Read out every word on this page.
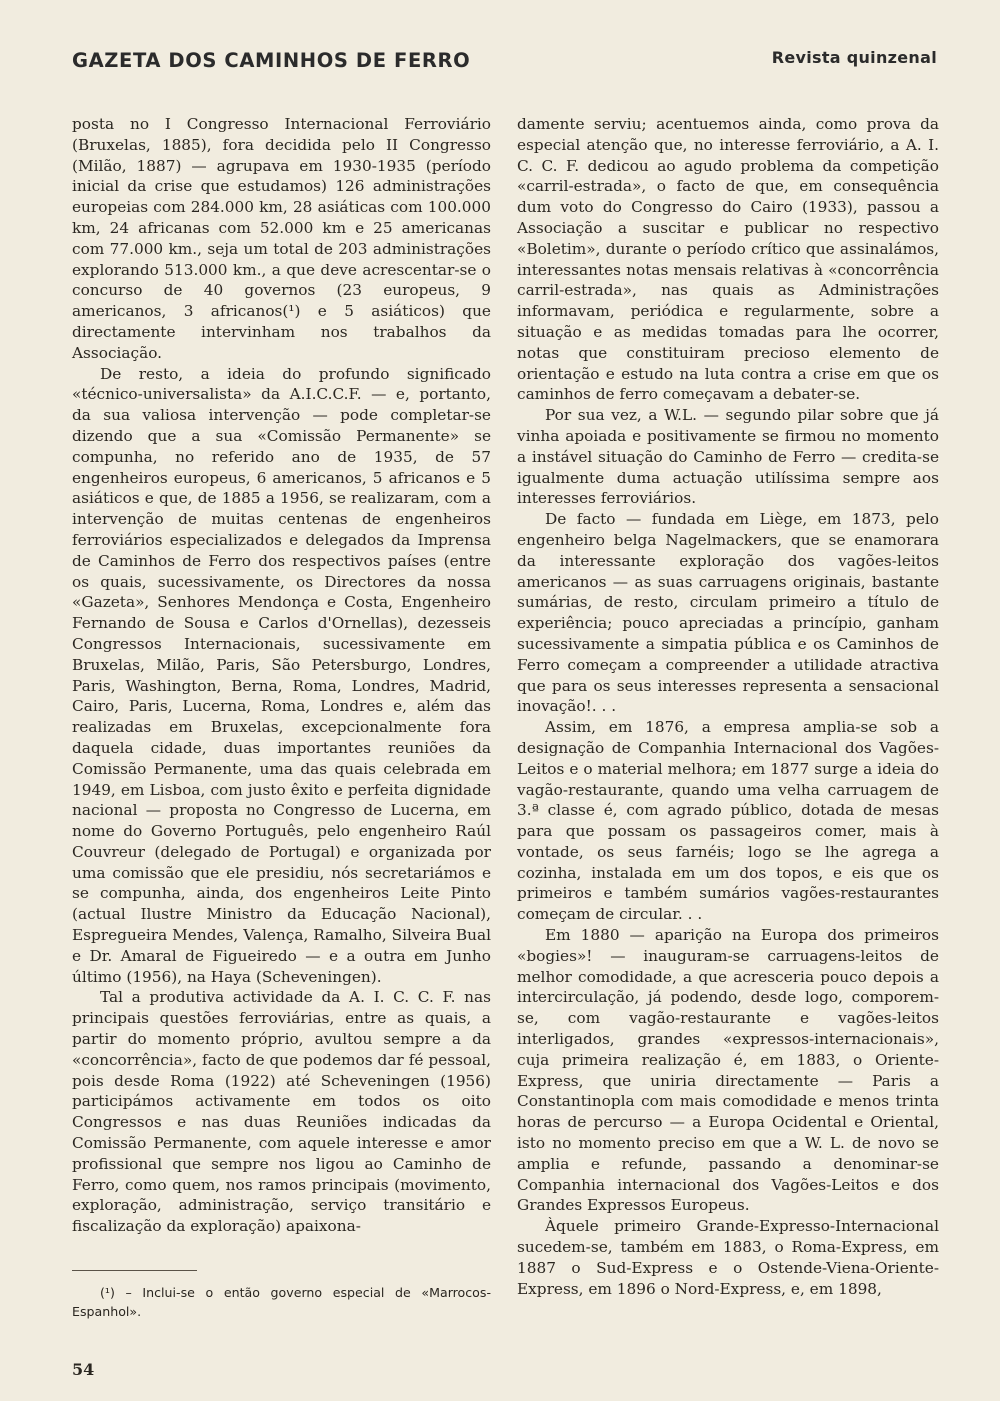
GAZETA DOS CAMINHOS DE FERRO	Revista quinzenal

posta no I Congresso Internacional Ferroviário (Bruxelas, 1885), fora decidida pelo II Congresso (Milão, 1887) — agrupava em 1930-1935 (período inicial da crise que estudamos) 126 administrações europeias com 284.000 km, 28 asiáticas com 100.000 km, 24 africanas com 52.000 km e 25 americanas com 77.000 km., seja um total de 203 administrações explorando 513.000 km., a que deve acrescentar-se o concurso de 40 governos (23 europeus, 9 americanos, 3 africanos(¹) e 5 asiáticos) que directamente intervinham nos trabalhos da Associação.

De resto, a ideia do profundo significado «técnico-universalista» da A.I.C.C.F. — e, portanto, da sua valiosa intervenção — pode completar-se dizendo que a sua «Comissão Permanente» se compunha, no referido ano de 1935, de 57 engenheiros europeus, 6 americanos, 5 africanos e 5 asiáticos e que, de 1885 a 1956, se realizaram, com a intervenção de muitas centenas de engenheiros ferroviários especializados e delegados da Imprensa de Caminhos de Ferro dos respectivos países (entre os quais, sucessivamente, os Directores da nossa «Gazeta», Senhores Mendonça e Costa, Engenheiro Fernando de Sousa e Carlos d'Ornellas), dezesseis Congressos Internacionais, sucessivamente em Bruxelas, Milão, Paris, São Petersburgo, Londres, Paris, Washington, Berna, Roma, Londres, Madrid, Cairo, Paris, Lucerna, Roma, Londres e, além das realizadas em Bruxelas, excepcionalmente fora daquela cidade, duas importantes reuniões da Comissão Permanente, uma das quais celebrada em 1949, em Lisboa, com justo êxito e perfeita dignidade nacional — proposta no Congresso de Lucerna, em nome do Governo Português, pelo engenheiro Raúl Couvreur (delegado de Portugal) e organizada por uma comissão que ele presidiu, nós secretariámos e se compunha, ainda, dos engenheiros Leite Pinto (actual Ilustre Ministro da Educação Nacional), Espregueira Mendes, Valença, Ramalho, Silveira Bual e Dr. Amaral de Figueiredo — e a outra em Junho último (1956), na Haya (Scheveningen).

Tal a produtiva actividade da A. I. C. C. F. nas principais questões ferroviárias, entre as quais, a partir do momento próprio, avultou sempre a da «concorrência», facto de que podemos dar fé pessoal, pois desde Roma (1922) até Scheveningen (1956) participámos activamente em todos os oito Congressos e nas duas Reuniões indicadas da Comissão Permanente, com aquele interesse e amor profissional que sempre nos ligou ao Caminho de Ferro, como quem, nos ramos principais (movimento, exploração, administração, serviço transitário e fiscalização da exploração) apaixona-

damente serviu; acentuemos ainda, como prova da especial atenção que, no interesse ferroviário, a A. I. C. C. F. dedicou ao agudo problema da competição «carril-estrada», o facto de que, em consequência dum voto do Congresso do Cairo (1933), passou a Associação a suscitar e publicar no respectivo «Boletim», durante o período crítico que assinalámos, interessantes notas mensais relativas à «concorrência carril-estrada», nas quais as Administrações informavam, periódica e regularmente, sobre a situação e as medidas tomadas para lhe ocorrer, notas que constituiram precioso elemento de orientação e estudo na luta contra a crise em que os caminhos de ferro começavam a debater-se.

Por sua vez, a W.L. — segundo pilar sobre que já vinha apoiada e positivamente se firmou no momento a instável situação do Caminho de Ferro — credita-se igualmente duma actuação utilíssima sempre aos interesses ferroviários.

De facto — fundada em Liège, em 1873, pelo engenheiro belga Nagelmackers, que se enamorara da interessante exploração dos vagões-leitos americanos — as suas carruagens originais, bastante sumárias, de resto, circulam primeiro a título de experiência; pouco apreciadas a princípio, ganham sucessivamente a simpatia pública e os Caminhos de Ferro começam a compreender a utilidade atractiva que para os seus interesses representa a sensacional inovação!. . .

Assim, em 1876, a empresa amplia-se sob a designação de Companhia Internacional dos Vagões-Leitos e o material melhora; em 1877 surge a ideia do vagão-restaurante, quando uma velha carruagem de 3.ª classe é, com agrado público, dotada de mesas para que possam os passageiros comer, mais à vontade, os seus farnéis; logo se lhe agrega a cozinha, instalada em um dos topos, e eis que os primeiros e também sumários vagões-restaurantes começam de circular. . .

Em 1880 — aparição na Europa dos primeiros «bogies»! — inauguram-se carruagens-leitos de melhor comodidade, a que acresceria pouco depois a intercirculação, já podendo, desde logo, comporem-se, com vagão-restaurante e vagões-leitos interligados, grandes «expressos-internacionais», cuja primeira realização é, em 1883, o Oriente-Express, que uniria directamente — Paris a Constantinopla com mais comodidade e menos trinta horas de percurso — a Europa Ocidental e Oriental, isto no momento preciso em que a W. L. de novo se amplia e refunde, passando a denominar-se Companhia internacional dos Vagões-Leitos e dos Grandes Expressos Europeus.

Àquele primeiro Grande-Expresso-Internacional sucedem-se, também em 1883, o Roma-Express, em 1887 o Sud-Express e o Ostende-Viena-Oriente-Express, em 1896 o Nord-Express, e, em 1898,

(¹) – Inclui-se o então governo especial de «Marrocos-Espanhol».
54
